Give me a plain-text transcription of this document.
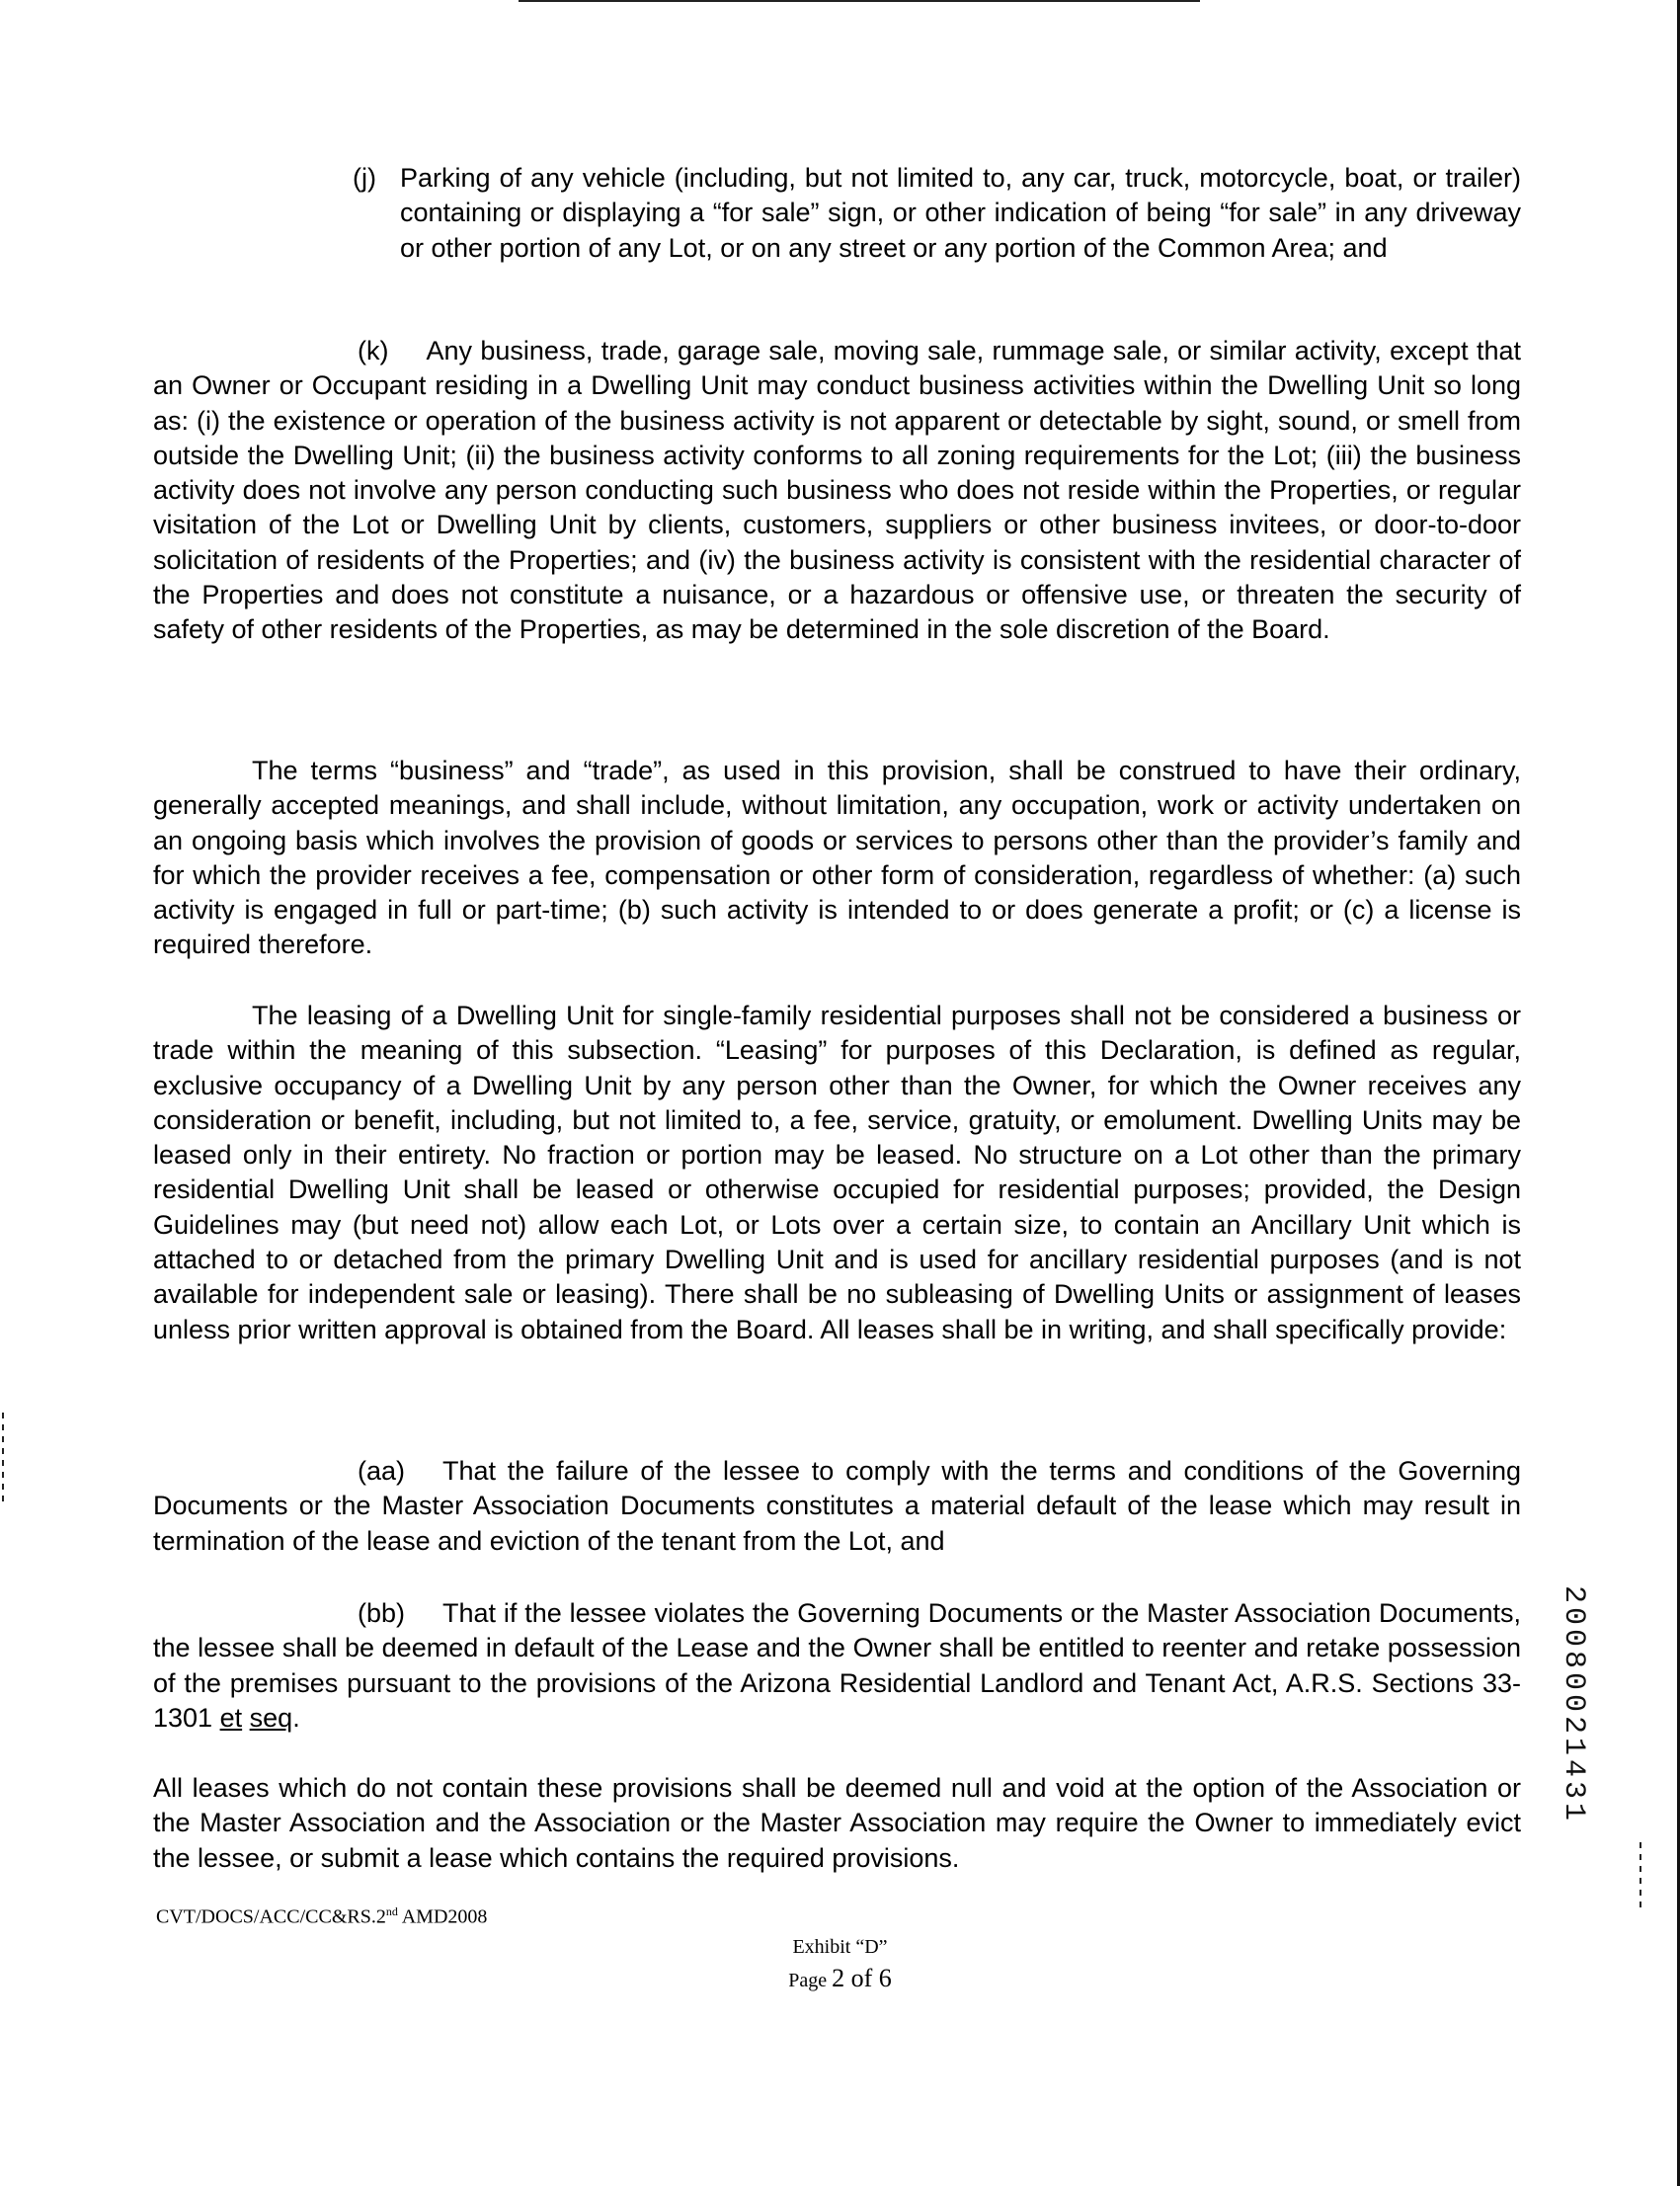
(j) Parking of any vehicle (including, but not limited to, any car, truck, motorcycle, boat, or trailer) containing or displaying a “for sale” sign, or other indication of being “for sale” in any driveway or other portion of any Lot, or on any street or any portion of the Common Area; and

(k) Any business, trade, garage sale, moving sale, rummage sale, or similar activity, except that an Owner or Occupant residing in a Dwelling Unit may conduct business activities within the Dwelling Unit so long as: (i) the existence or operation of the business activity is not apparent or detectable by sight, sound, or smell from outside the Dwelling Unit; (ii) the business activity conforms to all zoning requirements for the Lot; (iii) the business activity does not involve any person conducting such business who does not reside within the Properties, or regular visitation of the Lot or Dwelling Unit by clients, customers, suppliers or other business invitees, or door-to-door solicitation of residents of the Properties; and (iv) the business activity is consistent with the residential character of the Properties and does not constitute a nuisance, or a hazardous or offensive use, or threaten the security of safety of other residents of the Properties, as may be determined in the sole discretion of the Board.

The terms “business” and “trade”, as used in this provision, shall be construed to have their ordinary, generally accepted meanings, and shall include, without limitation, any occupation, work or activity undertaken on an ongoing basis which involves the provision of goods or services to persons other than the provider’s family and for which the provider receives a fee, compensation or other form of consideration, regardless of whether: (a) such activity is engaged in full or part-time; (b) such activity is intended to or does generate a profit; or (c) a license is required therefore.

The leasing of a Dwelling Unit for single-family residential purposes shall not be considered a business or trade within the meaning of this subsection. “Leasing” for purposes of this Declaration, is defined as regular, exclusive occupancy of a Dwelling Unit by any person other than the Owner, for which the Owner receives any consideration or benefit, including, but not limited to, a fee, service, gratuity, or emolument. Dwelling Units may be leased only in their entirety. No fraction or portion may be leased. No structure on a Lot other than the primary residential Dwelling Unit shall be leased or otherwise occupied for residential purposes; provided, the Design Guidelines may (but need not) allow each Lot, or Lots over a certain size, to contain an Ancillary Unit which is attached to or detached from the primary Dwelling Unit and is used for ancillary residential purposes (and is not available for independent sale or leasing). There shall be no subleasing of Dwelling Units or assignment of leases unless prior written approval is obtained from the Board. All leases shall be in writing, and shall specifically provide:

(aa) That the failure of the lessee to comply with the terms and conditions of the Governing Documents or the Master Association Documents constitutes a material default of the lease which may result in termination of the lease and eviction of the tenant from the Lot, and

(bb) That if the lessee violates the Governing Documents or the Master Association Documents, the lessee shall be deemed in default of the Lease and the Owner shall be entitled to reenter and retake possession of the premises pursuant to the provisions of the Arizona Residential Landlord and Tenant Act, A.R.S. Sections 33-1301 et seq.

All leases which do not contain these provisions shall be deemed null and void at the option of the Association or the Master Association and the Association or the Master Association may require the Owner to immediately evict the lessee, or submit a lease which contains the required provisions.

20080021431
CVT/DOCS/ACC/CC&RS.2nd AMD2008
Exhibit “D”
Page 2 of 6
